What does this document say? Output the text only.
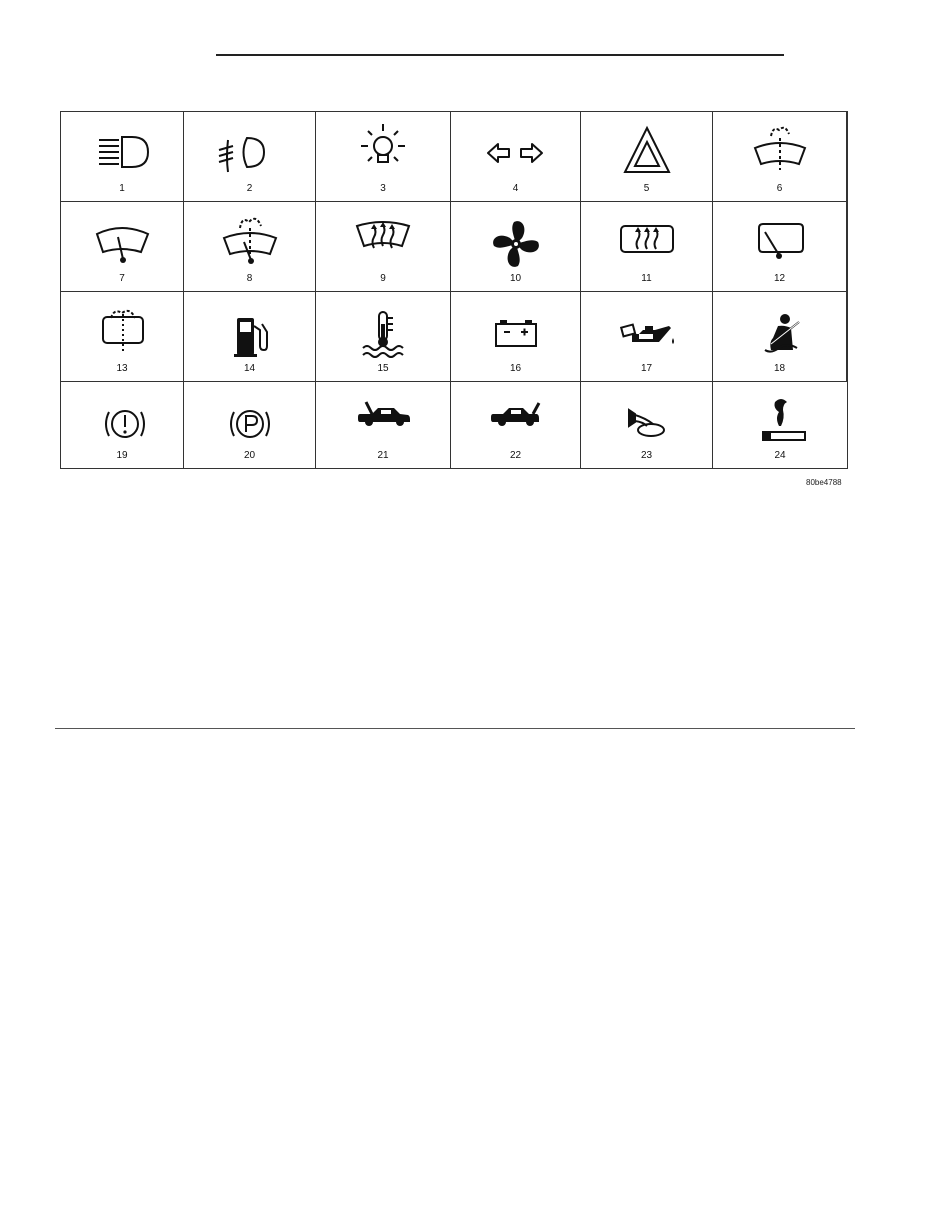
1	2	3	4	5	6
7	8	9	10	11	12
13	14	15	16	17	18
19	20	21	22	23	24
80be4788
